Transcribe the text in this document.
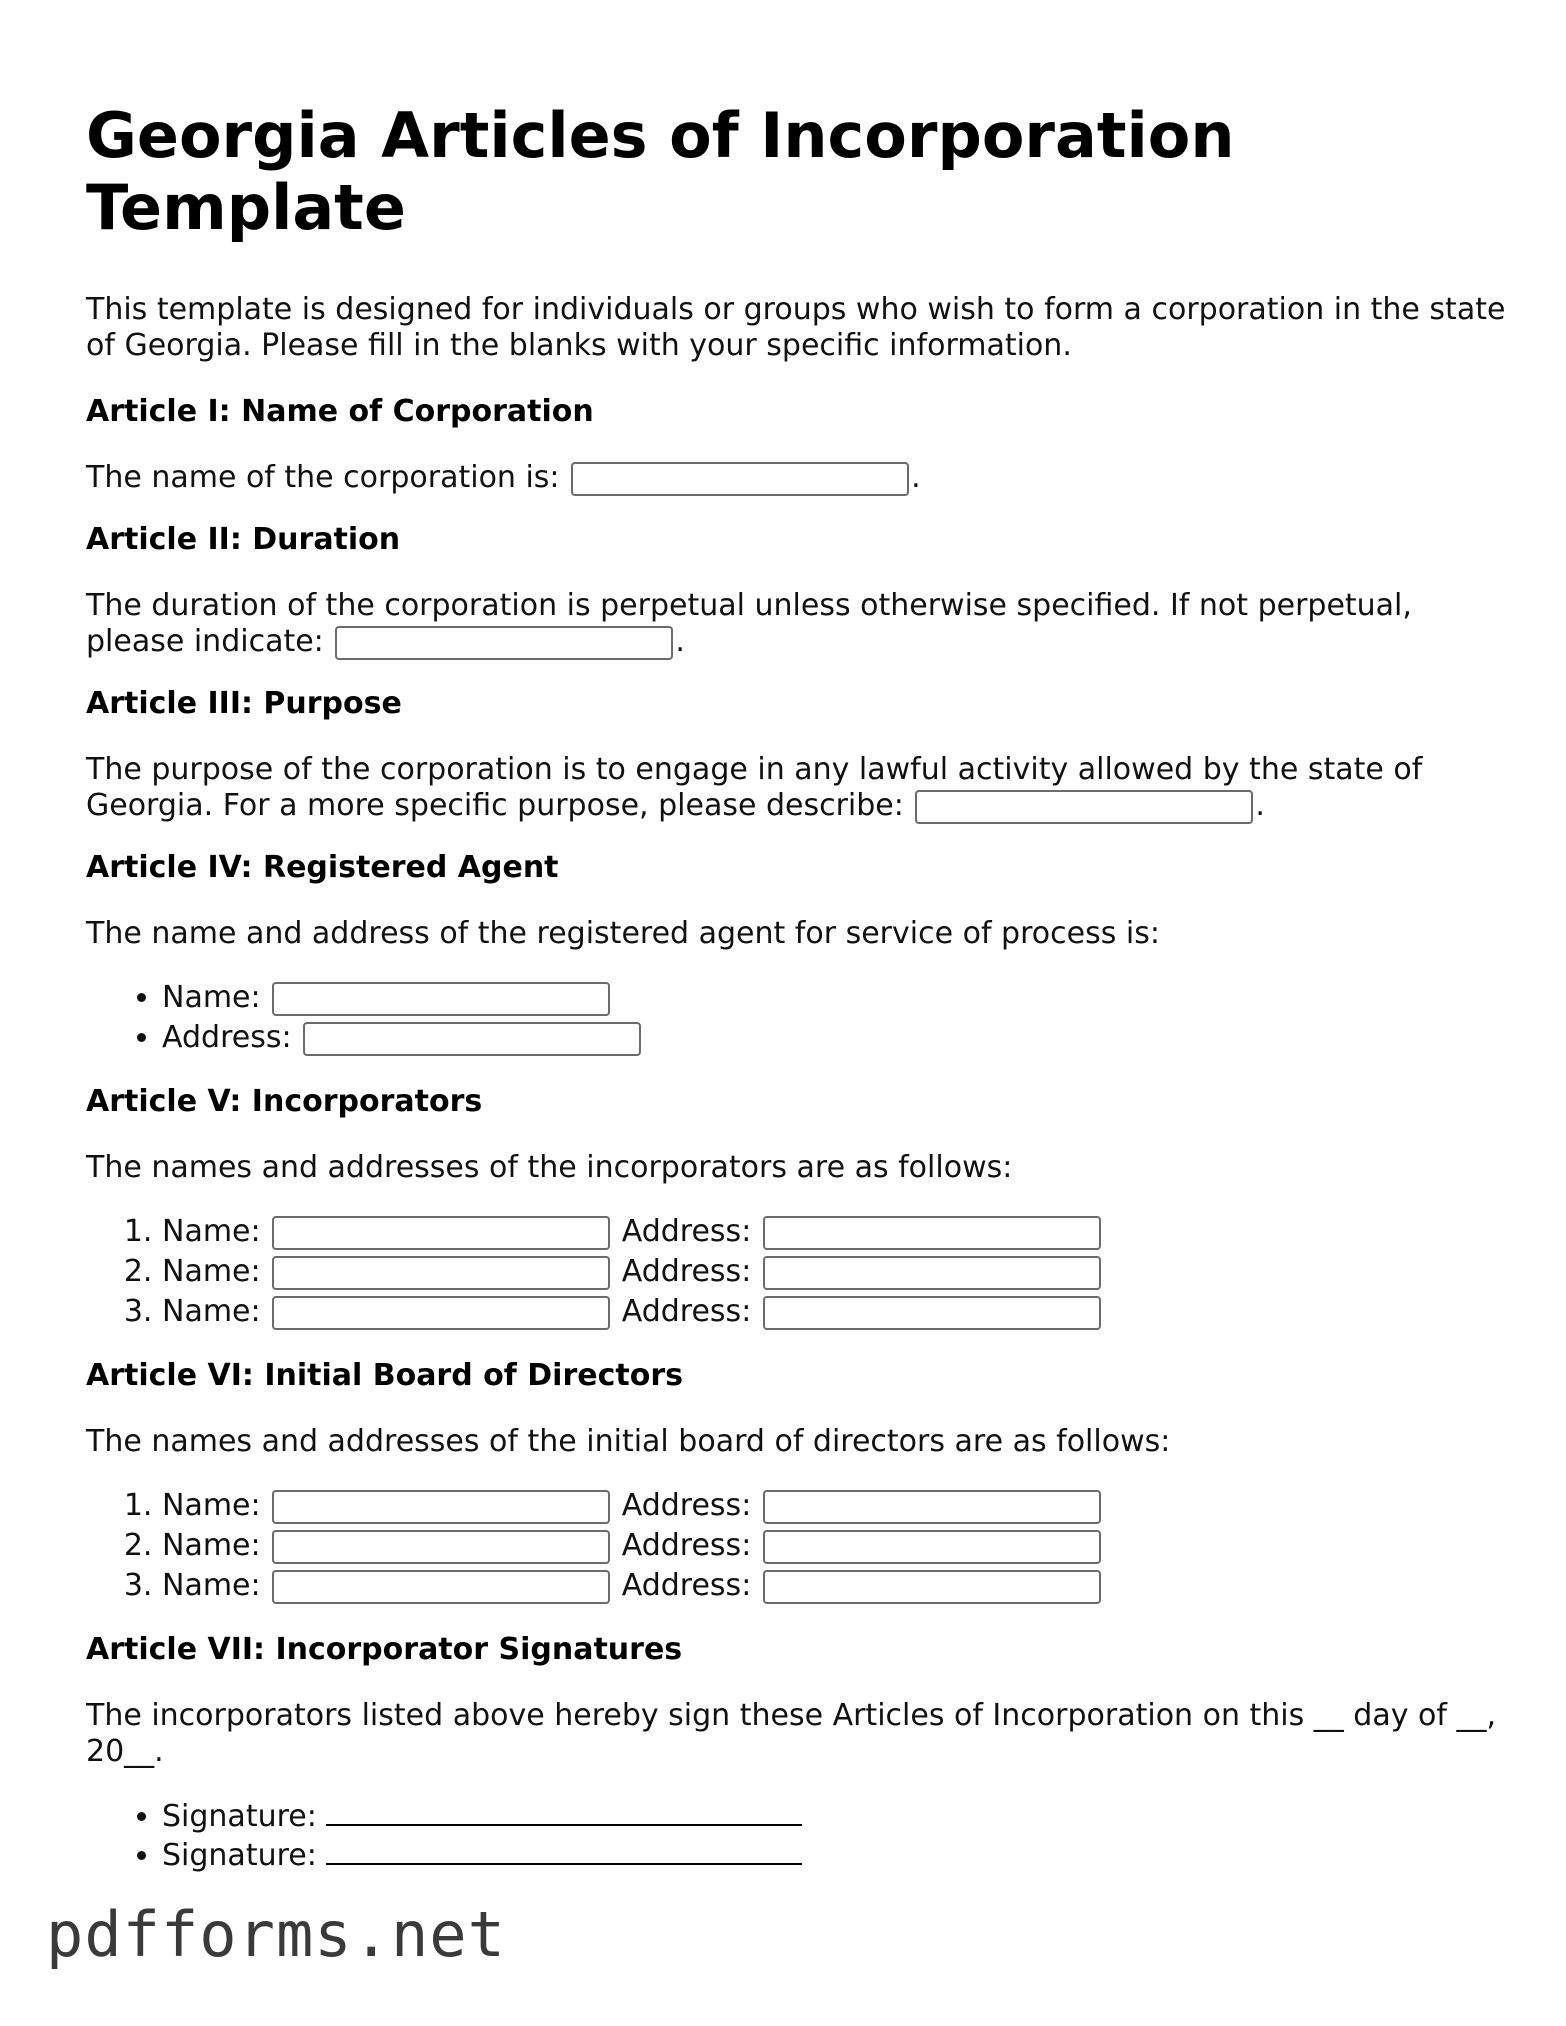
Georgia Articles of Incorporation Template

This template is designed for individuals or groups who wish to form a corporation in the state of Georgia. Please fill in the blanks with your specific information.

Article I: Name of Corporation

The name of the corporation is:	.

Article II: Duration

The duration of the corporation is perpetual unless otherwise specified. If not perpetual, please indicate:	.

Article III: Purpose

The purpose of the corporation is to engage in any lawful activity allowed by the state of Georgia. For a more specific purpose, please describe:	.

Article IV: Registered Agent

The name and address of the registered agent for service of process is:

• Name:
• Address:
Article V: Incorporators

The names and addresses of the incorporators are as follows:

1. Name:	Address:
2. Name:	Address:
3. Name:	Address:
Article VI: Initial Board of Directors

The names and addresses of the initial board of directors are as follows:

1. Name:	Address:
2. Name:	Address:
3. Name:	Address:
Article VII: Incorporator Signatures

The incorporators listed above hereby sign these Articles of Incorporation on this __ day of __, 20__.

• Signature:
• Signature:
pdfforms.net
